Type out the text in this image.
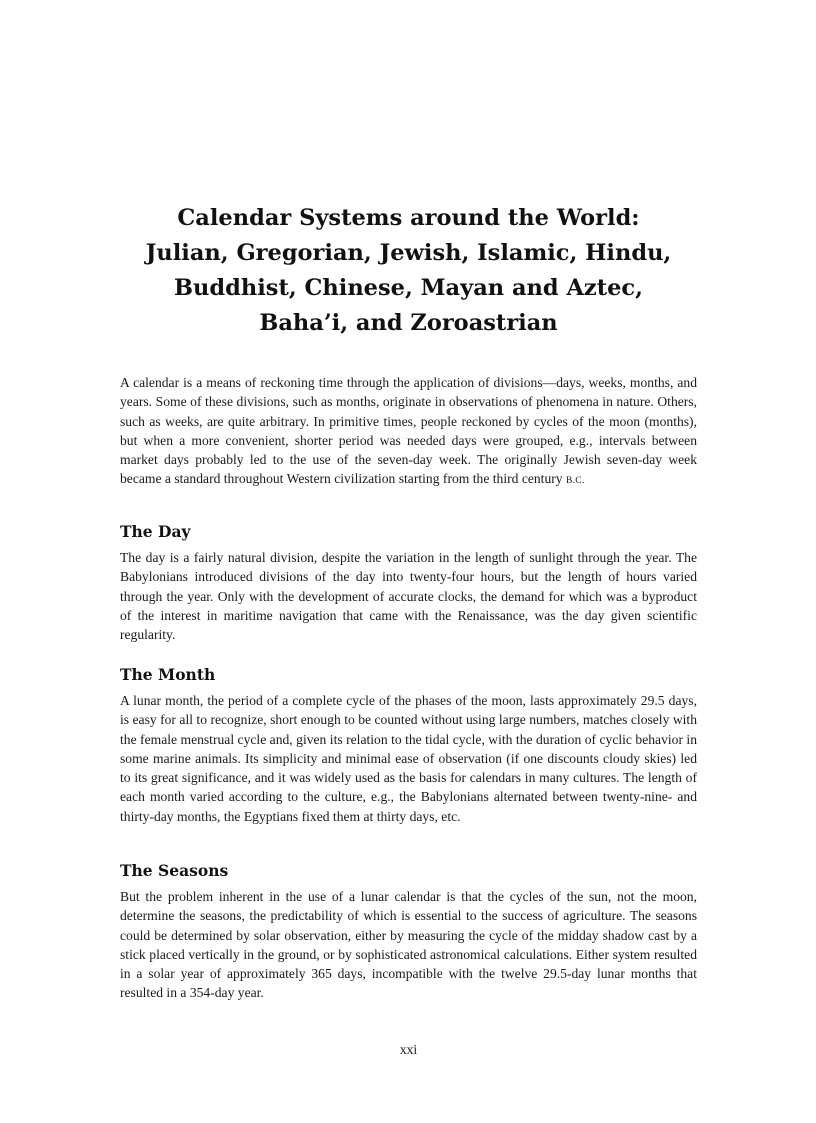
Calendar Systems around the World:
Julian, Gregorian, Jewish, Islamic, Hindu,
Buddhist, Chinese, Mayan and Aztec,
Baha’i, and Zoroastrian

A calendar is a means of reckoning time through the application of divisions—days, weeks, months, and years. Some of these divisions, such as months, originate in observations of phenomena in nature. Others, such as weeks, are quite arbitrary. In primitive times, people reckoned by cycles of the moon (months), but when a more convenient, shorter period was needed days were grouped, e.g., intervals between market days probably led to the use of the seven-day week. The originally Jewish seven-day week became a standard throughout Western civilization starting from the third century B.C.

The Day

The day is a fairly natural division, despite the variation in the length of sunlight through the year. The Babylonians introduced divisions of the day into twenty-four hours, but the length of hours varied through the year. Only with the development of accurate clocks, the demand for which was a byproduct of the interest in maritime navigation that came with the Renaissance, was the day given scientific regularity.

The Month

A lunar month, the period of a complete cycle of the phases of the moon, lasts approximately 29.5 days, is easy for all to recognize, short enough to be counted without using large numbers, matches closely with the female menstrual cycle and, given its relation to the tidal cycle, with the duration of cyclic behavior in some marine animals. Its simplicity and minimal ease of observation (if one discounts cloudy skies) led to its great significance, and it was widely used as the basis for calendars in many cultures. The length of each month varied according to the culture, e.g., the Babylonians alternated between twenty-nine- and thirty-day months, the Egyptians fixed them at thirty days, etc.

The Seasons

But the problem inherent in the use of a lunar calendar is that the cycles of the sun, not the moon, determine the seasons, the predictability of which is essential to the success of agriculture. The seasons could be determined by solar observation, either by measuring the cycle of the midday shadow cast by a stick placed vertically in the ground, or by sophisticated astronomical calculations. Either system resulted in a solar year of approximately 365 days, incompatible with the twelve 29.5-day lunar months that resulted in a 354-day year.

xxi
